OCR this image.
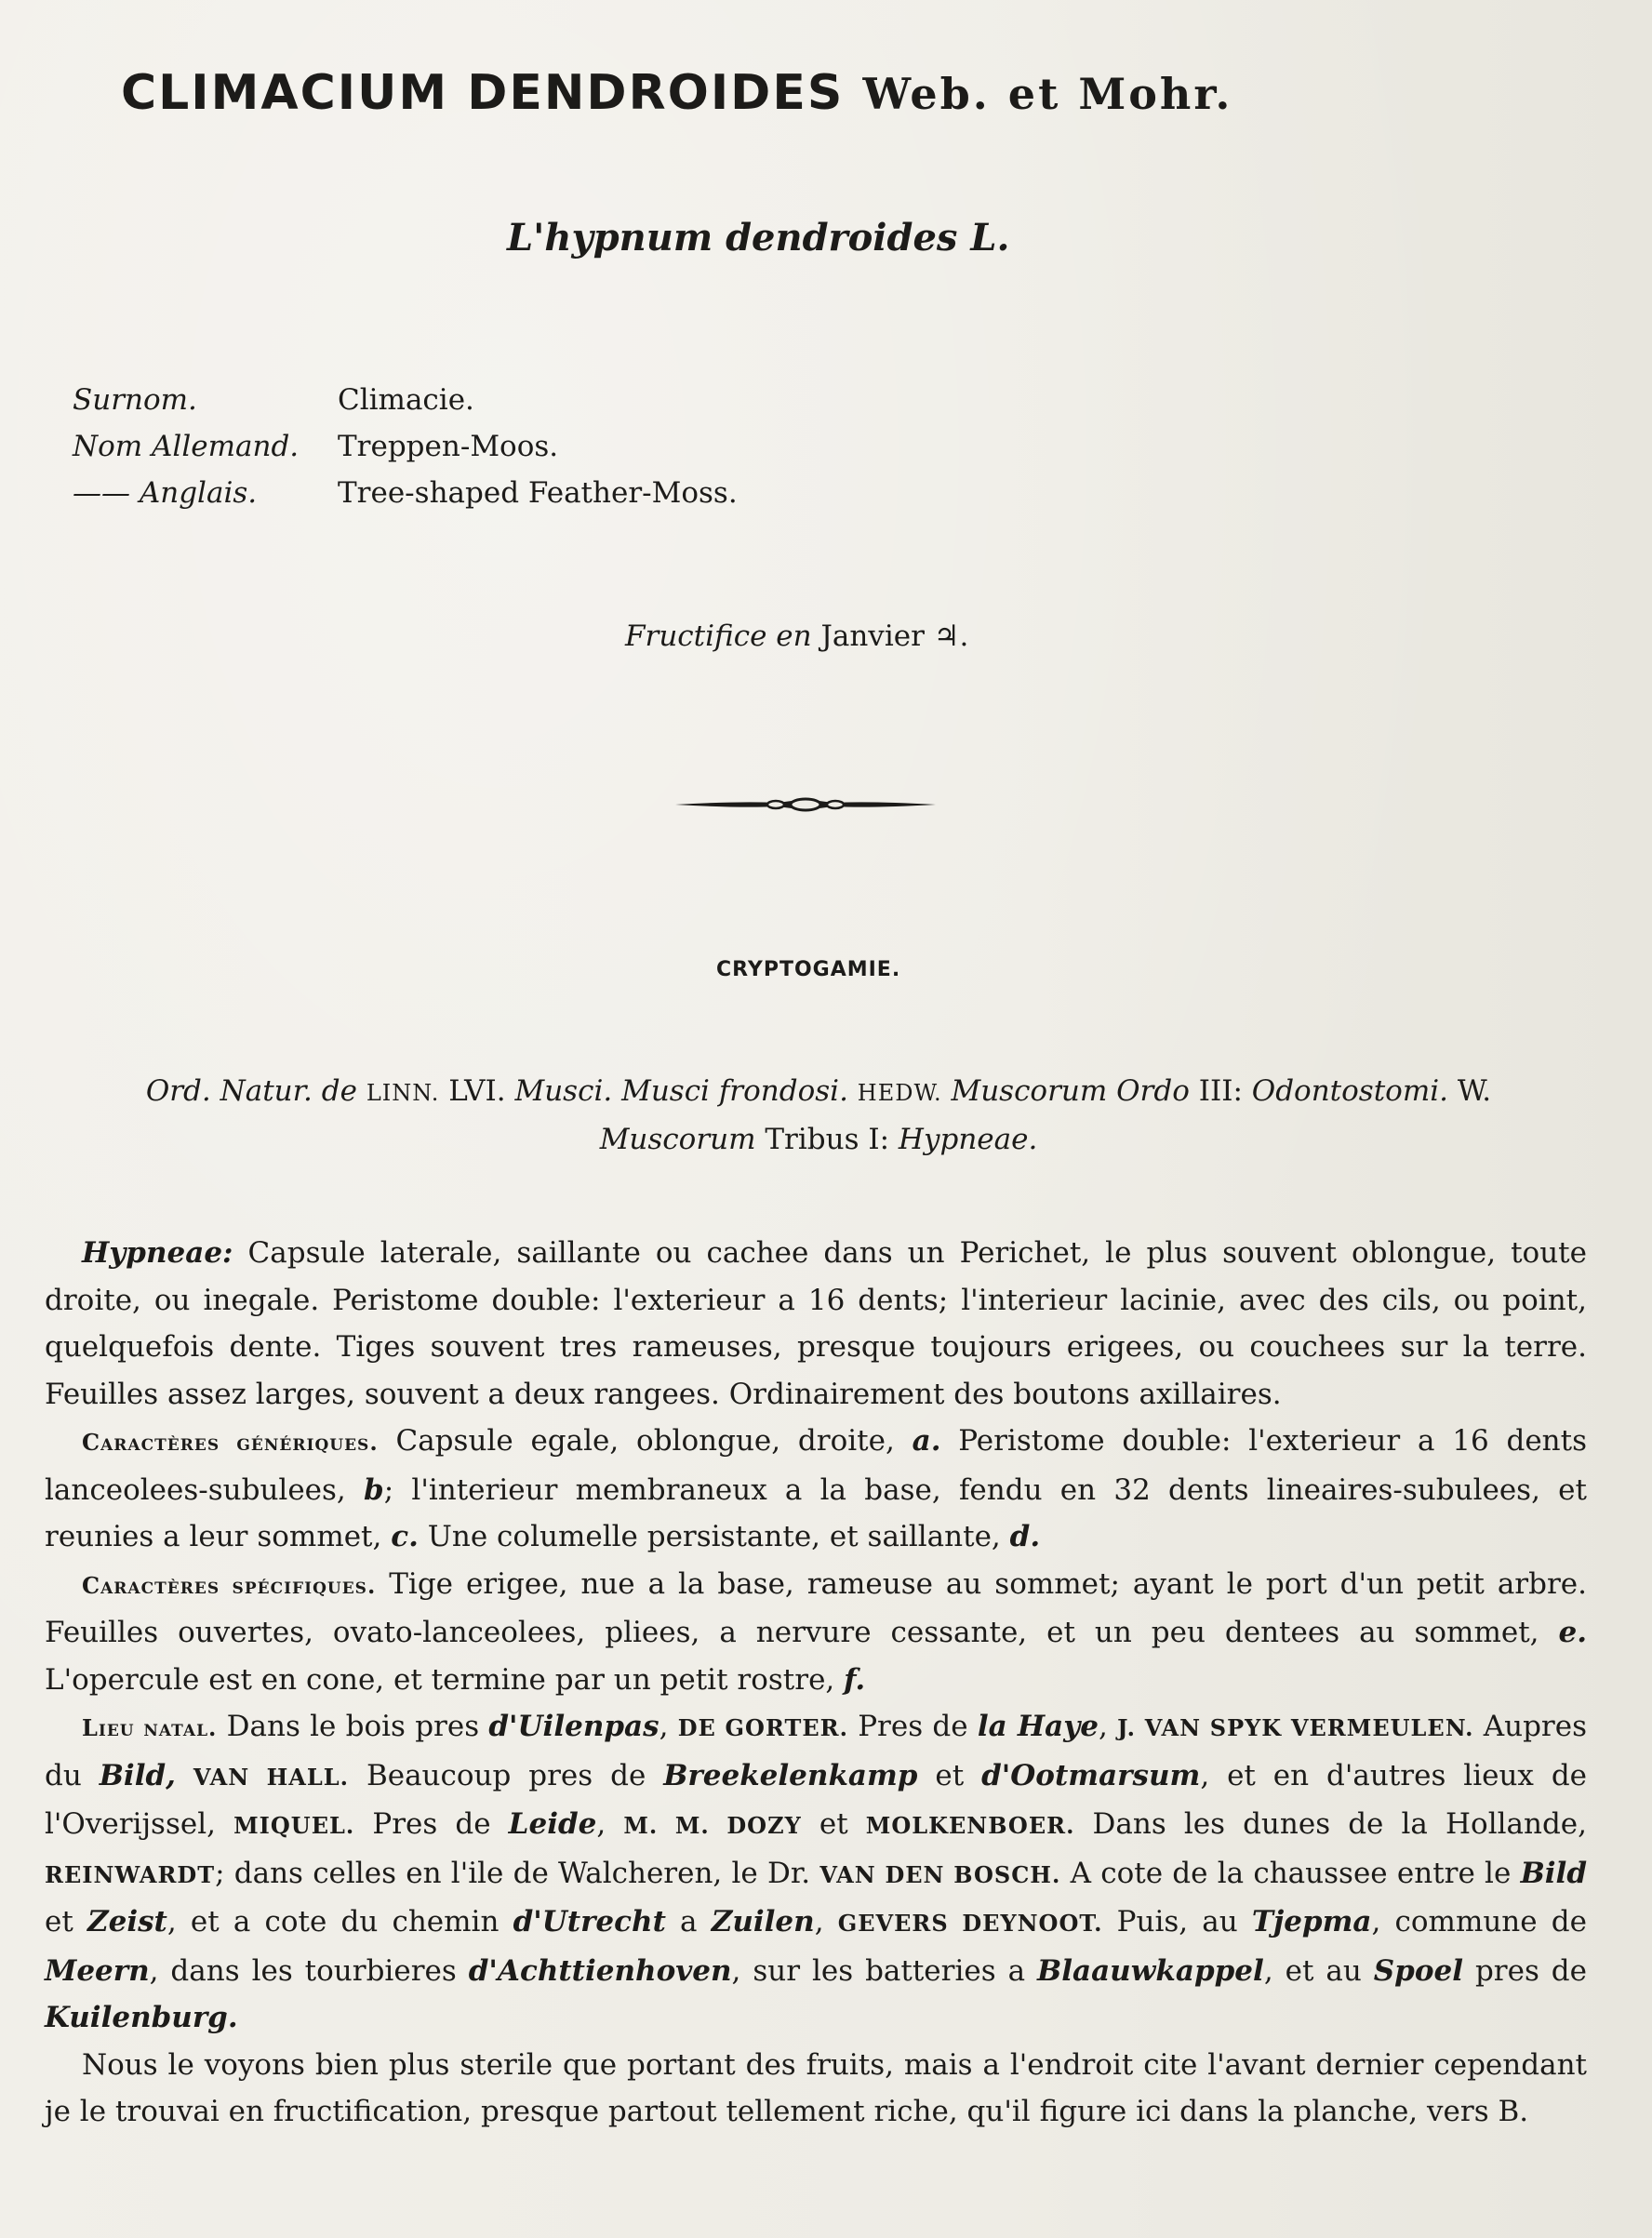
CLIMACIUM DENDROIDES Web. et Mohr.
L'hypnum dendroides L.
Surnom.	Climacie.
Nom Allemand. Treppen-Moos.
—— Anglais.	Tree-shaped Feather-Moss.
Fructifice en Janvier ♃.
CRYPTOGAMIE.
Ord. Natur. de LINN. LVI. Musci. Musci frondosi. HEDW. Muscorum Ordo III: Odontostomi. W.
Muscorum Tribus I: Hypneae.

Hypneae: Capsule laterale, saillante ou cachee dans un Perichet, le plus souvent oblongue, toute droite, ou inegale. Peristome double: l'exterieur a 16 dents; l'interieur lacinie, avec des cils, ou point, quelquefois dente. Tiges souvent tres rameuses, presque toujours erigees, ou couchees sur la terre. Feuilles assez larges, souvent a deux rangees. Ordinairement des boutons axillaires.

Caractères génériques. Capsule egale, oblongue, droite, a. Peristome double: l'exterieur a 16 dents lanceolees-subulees, b; l'interieur membraneux a la base, fendu en 32 dents lineaires-subulees, et reunies a leur sommet, c. Une columelle persistante, et saillante, d.

Caractères spécifiques. Tige erigee, nue a la base, rameuse au sommet; ayant le port d'un petit arbre. Feuilles ouvertes, ovato-lanceolees, pliees, a nervure cessante, et un peu dentees au sommet, e. L'opercule est en cone, et termine par un petit rostre, f.

Lieu natal. Dans le bois pres d'Uilenpas, DE GORTER. Pres de la Haye, J. VAN SPYK VERMEULEN. Aupres du Bild, VAN HALL. Beaucoup pres de Breekelenkamp et d'Ootmarsum, et en d'autres lieux de l'Overijssel, MIQUEL. Pres de Leide, M. M. DOZY et MOLKENBOER. Dans les dunes de la Hollande, REINWARDT; dans celles en l'ile de Walcheren, le Dr. VAN DEN BOSCH. A cote de la chaussee entre le Bild et Zeist, et a cote du chemin d'Utrecht a Zuilen, GEVERS DEYNOOT. Puis, au Tjepma, commune de Meern, dans les tourbieres d'Achttienhoven, sur les batteries a Blaauwkappel, et au Spoel pres de Kuilenburg.

Nous le voyons bien plus sterile que portant des fruits, mais a l'endroit cite l'avant dernier cependant je le trouvai en fructification, presque partout tellement riche, qu'il figure ici dans la planche, vers B.
